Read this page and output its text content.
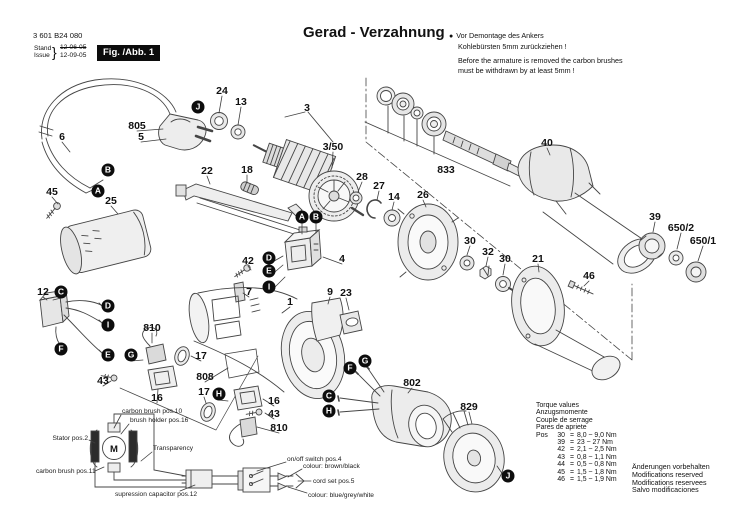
3 601 B24 080
Stand
Issue } 12-06-05
12-09-05	Fig. /Abb. 1
Gerad - Verzahnung ● Vor Demontage des Ankers
Kohlebürsten 5mm zurückziehen !
Before the armature is removed the carbon brushes
must be withdrawn by at least 5mm !
M
805
5
6
24
13	3
3/50
45
25
22	18
28
27
14 26
833
40
39
650/2
650/1
30
32
30 21
46
42
7
4
1
9 23
12
810
17
43
16
808
17
16
43
810
802
829
J
B
A
A B
D
E
I
C
D
I
F
E	G
H
F
G
C
H
J
carbon brush pos.10
brush holder pos.16
Stator pos.2
Transparency
carbon brush pos.11
supression capacitor pos.12
on/off switch pos.4
colour: brown/black
cord set pos.5
colour: blue/grey/white
Torque values
Anzugsmomente
Couple de serrage
Pares de apriete
Pos	30 = 8,0 ~ 9,0 Nm
39 = 23 ~ 27 Nm
42 = 2,1 ~ 2,5 Nm
43 = 0,8 ~ 1,1 Nm
44 = 0,5 ~ 0,8 Nm
45 = 1,5 ~ 1,8 Nm
46 = 1,5 ~ 1,9 Nm
Änderungen vorbehalten
Modifications reserved
Modifications reservees
Salvo modificaciones
